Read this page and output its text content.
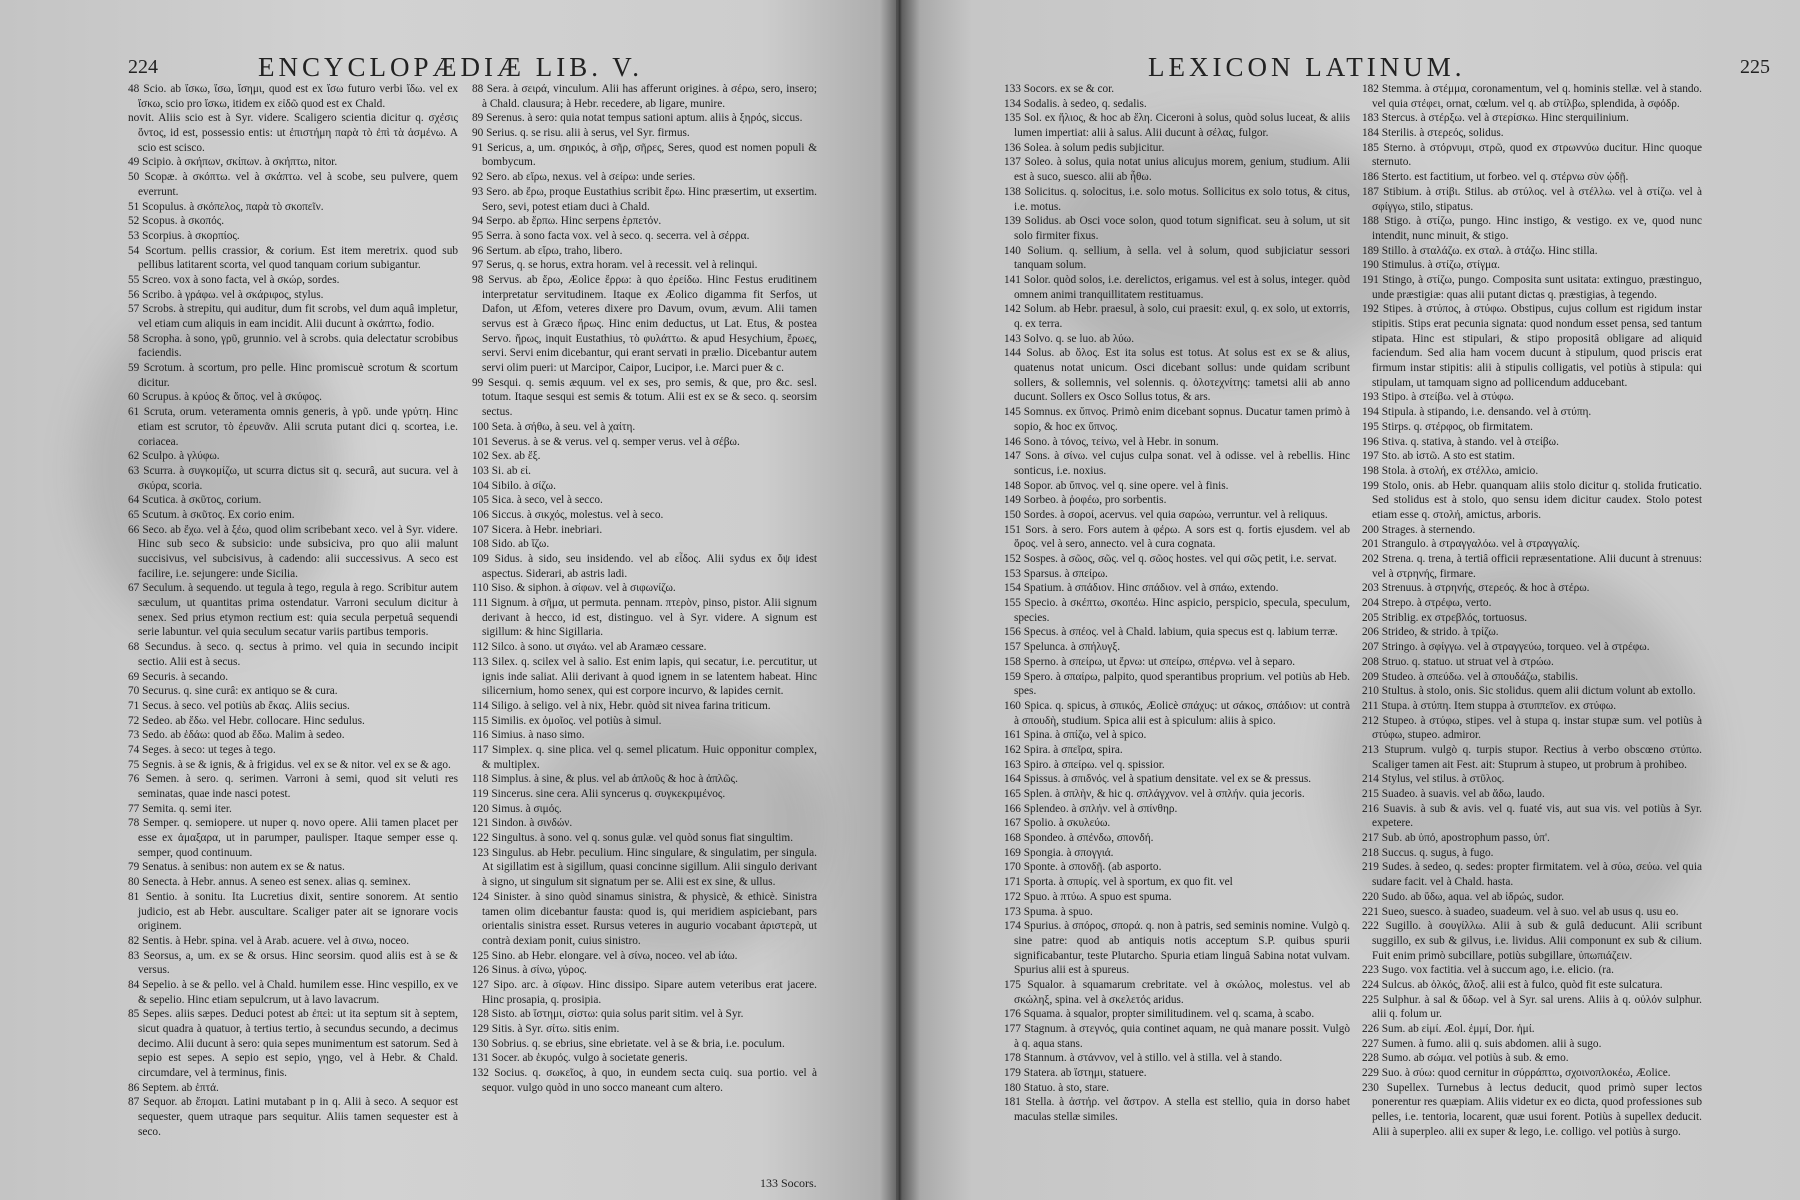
224	ENCYCLOPÆDIÆ LIB. V.

48 Scio. ab ἴσκω, ἴσω, ἴσημι, quod est ex ἴσω futuro verbi ἴδω. vel ex ἴσκω, scio pro ἴσκω, itidem ex εἰδῶ quod est ex Chald.

novit. Aliis scio est à Syr. videre. Scaligero scientia dicitur q. σχέσις ὄντος, id est, possessio entis: ut ἐπιστήμη παρὰ τὸ ἐπὶ τὰ ἀσμένω. A scio est scisco.

49 Scipio. à σκήπων, σκίπων. à σκήπτω, nitor.

50 Scopæ. à σκόπτω. vel à σκάπτω. vel à scobe, seu pulvere, quem everrunt.

51 Scopulus. à σκόπελος, παρὰ τὸ σκοπεῖν.

52 Scopus. à σκοπός.

53 Scorpius. à σκορπίος.

54 Scortum. pellis crassior, & corium. Est item meretrix. quod sub pellibus latitarent scorta, vel quod tanquam corium subigantur.

55 Screo. vox à sono facta, vel à σκώρ, sordes.

56 Scribo. à γράφω. vel à σκάριφος, stylus.

57 Scrobs. à strepitu, qui auditur, dum fit scrobs, vel dum aquâ impletur, vel etiam cum aliquis in eam incidit. Alii ducunt à σκάπτω, fodio.

58 Scropha. à sono, γρῦ, grunnio. vel à scrobs. quia delectatur scrobibus faciendis.

59 Scrotum. à scortum, pro pelle. Hinc promiscuè scrotum & scortum dicitur.

60 Scrupus. à κρύος & ὄπος. vel à σκύφος.

61 Scruta, orum. veteramenta omnis generis, à γρῦ. unde γρύτη. Hinc etiam est scrutor, τὸ ἐρευνᾶν. Alii scruta putant dici q. scortea, i.e. coriacea.

62 Sculpo. à γλύφω.

63 Scurra. à συγκομίζω, ut scurra dictus sit q. securâ, aut sucura. vel à σκύρα, scoria.

64 Scutica. à σκῦτος, corium.

65 Scutum. à σκῦτος. Ex corio enim.

66 Seco. ab ἔχω. vel à ξέω, quod olim scribebant xeco. vel à Syr. videre. Hinc sub seco & subsicio: unde subsiciva, pro quo alii malunt succisivus, vel subcisivus, à cadendo: alii successivus. A seco est facilire, i.e. sejungere: unde Sicilia.

67 Seculum. à sequendo. ut tegula à tego, regula à rego. Scribitur autem sæculum, ut quantitas prima ostendatur. Varroni seculum dicitur à senex. Sed prius etymon rectium est: quia secula perpetuâ sequendi serie labuntur. vel quia seculum secatur variis partibus temporis.

68 Secundus. à seco. q. sectus à primo. vel quia in secundo incipit sectio. Alii est à secus.

69 Securis. à secando.

70 Securus. q. sine curâ: ex antiquo se & cura.

71 Secus. à seco. vel potiùs ab ἔκας. Aliis secius.

72 Sedeo. ab ἕδω. vel Hebr. collocare. Hinc sedulus.

73 Sedo. ab ἑδάω: quod ab ἕδω. Malim à sedeo.

74 Seges. à seco: ut teges à tego.

75 Segnis. à se & ignis, & à frigidus. vel ex se & nitor. vel ex se & ago.

76 Semen. à sero. q. serimen. Varroni à semi, quod sit veluti res seminatas, quae inde nasci potest.

77 Semita. q. semi iter.

78 Semper. q. semiopere. ut nuper q. novo opere. Alii tamen placet per esse ex ἀμαξαρα, ut in parumper, paulisper. Itaque semper esse q. semper, quod continuum.

79 Senatus. à senibus: non autem ex se & natus.

80 Senecta. à Hebr. annus. A seneo est senex. alias q. seminex.

81 Sentio. à sonitu. Ita Lucretius dixit, sentire sonorem. At sentio judicio, est ab Hebr. auscultare. Scaliger pater ait se ignorare vocis originem.

82 Sentis. à Hebr. spina. vel à Arab. acuere. vel à σινω, noceo.

83 Seorsus, a, um. ex se & orsus. Hinc seorsim. quod aliis est à se & versus.

84 Sepelio. à se & pello. vel à Chald. humilem esse. Hinc vespillo, ex ve & sepelio. Hinc etiam sepulcrum, ut à lavo lavacrum.

85 Sepes. aliis sæpes. Deduci potest ab ἐπεὶ: ut ita septum sit à septem, sicut quadra à quatuor, à tertius tertio, à secundus secundo, a decimus decimo. Alii ducunt à sero: quia sepes munimentum est satorum. Sed à sepio est sepes. A sepio est sepio, γηgo, vel à Hebr. & Chald. circumdare, vel à terminus, finis.

86 Septem. ab ἑπτά.

87 Sequor. ab ἕπομαι. Latini mutabant p in q. Alii à seco. A sequor est sequester, quem utraque pars sequitur. Aliis tamen sequester est à seco.

88 Sera. à σειρά, vinculum. Alii has afferunt origines. à σέρω, sero, insero; à Chald. clausura; à Hebr. recedere, ab ligare, munire.

89 Serenus. à sero: quia notat tempus sationi aptum. aliis à ξηρός, siccus.

90 Serius. q. se risu. alii à serus, vel Syr. firmus.

91 Sericus, a, um. σηρικός, à σῆρ, σῆρες, Seres, quod est nomen populi & bombycum.

92 Sero. ab εἴρω, nexus. vel à σείρω: unde series.

93 Sero. ab ἔρω, proque Eustathius scribit ἔρω. Hinc præsertim, ut exsertim. Sero, sevi, potest etiam duci à Chald.

94 Serpo. ab ἕρπω. Hinc serpens ἑρπετόν.

95 Serra. à sono facta vox. vel à seco. q. secerra. vel à σέρρα.

96 Sertum. ab εἴρω, traho, libero.

97 Serus, q. se horus, extra horam. vel à recessit. vel à relinqui.

98 Servus. ab ἔρω, Æolice ἔρρω: à quo ἐρείδω. Hinc Festus eruditinem interpretatur servitudinem. Itaque ex Æolico digamma fit Serfos, ut Dafon, ut Æfom, veteres dixere pro Davum, ovum, ævum. Alii tamen servus est à Græco ἥρως. Hinc enim deductus, ut Lat. Etus, & postea Servo. ἥρως, inquit Eustathius, τὸ φυλάττω. & apud Hesychium, ἔρωες, servi. Servi enim dicebantur, qui erant servati in prælio. Dicebantur autem servi olim pueri: ut Marcipor, Caipor, Lucipor, i.e. Marci puer & c.

99 Sesqui. q. semis æquum. vel ex ses, pro semis, & que, pro &c. sesl. totum. Itaque sesqui est semis & totum. Alii est ex se & seco. q. seorsim sectus.

100 Seta. à σήθω, à seu. vel à χαίτη.

101 Severus. à se & verus. vel q. semper verus. vel à σέβω.

102 Sex. ab ἕξ.

103 Si. ab εἰ.

104 Sibilo. à σίζω.

105 Sica. à seco, vel à secco.

106 Siccus. à σικχός, molestus. vel à seco.

107 Sicera. à Hebr. inebriari.

108 Sido. ab ἵζω.

109 Sidus. à sido, seu insidendo. vel ab εἶδος. Alii sydus ex ὄψ idest aspectus. Siderari, ab astris ladi.

110 Siso. & siphon. à σίφων. vel à σιφωνίζω.

111 Signum. à σῆμα, ut permuta. pennam. πτερὸν, pinso, pistor. Alii signum derivant à hecco, id est, distinguo. vel à Syr. videre. A signum est sigillum: & hinc Sigillaria.

112 Silco. à sono. ut σιγάω. vel ab Aramæo cessare.

113 Silex. q. scilex vel à salio. Est enim lapis, qui secatur, i.e. percutitur, ut ignis inde saliat. Alii derivant à quod ignem in se latentem habeat. Hinc silicernium, homo senex, qui est corpore incurvo, & lapides cernit.

114 Siligo. à seligo. vel à nix, Hebr. quòd sit nivea farina triticum.

115 Similis. ex ὁμοῖος. vel potiùs à simul.

116 Simius. à naso simo.

117 Simplex. q. sine plica. vel q. semel plicatum. Huic opponitur complex, & multiplex.

118 Simplus. à sine, & plus. vel ab ἁπλοῦς & hoc à ἁπλῶς.

119 Sincerus. sine cera. Alii syncerus q. συγκεκριμένος.

120 Simus. à σιμός.

121 Sindon. à σινδών.

122 Singultus. à sono. vel q. sonus gulæ. vel quòd sonus fiat singultim.

123 Singulus. ab Hebr. peculium. Hinc singulare, & singulatim, per singula. At sigillatim est à sigillum, quasi concinne sigillum. Alii singulo derivant à signo, ut singulum sit signatum per se. Alii est ex sine, & ullus.

124 Sinister. à sino quòd sinamus sinistra, & physicè, & ethicè. Sinistra tamen olim dicebantur fausta: quod is, qui meridiem aspiciebant, pars orientalis sinistra esset. Rursus veteres in augurio vocabant ἀριστερὰ, ut contrà dexiam ponit, cuius sinistro.

125 Sino. ab Hebr. elongare. vel à σίνω, noceo. vel ab ἰάω.

126 Sinus. à σίνω, γύρος.

127 Sipo. arc. à σίφων. Hinc dissipo. Sipare autem veteribus erat jacere. Hinc prosapia, q. prosipia.

128 Sisto. ab ἵστημι, σίστω: quia solus parit sitim. vel à Syr.

129 Sitis. à Syr. σίτω. sitis enim.

130 Sobrius. q. se ebrius, sine ebrietate. vel à se & bria, i.e. poculum.

131 Socer. ab ἑκυρός. vulgo à societate generis.

132 Socius. q. σωκεῖος, à quo, in eundem secta cuiq. sua portio. vel à sequor. vulgo quòd in uno socco maneant cum altero.

133 Socors.
LEXICON LATINUM.	225

133 Socors. ex se & cor.

134 Sodalis. à sedeo, q. sedalis.

135 Sol. ex ἥλιος, & hoc ab ἕλη. Ciceroni à solus, quòd solus luceat, & aliis lumen impertiat: alii à salus. Alii ducunt à σέλας, fulgor.

136 Solea. à solum pedis subjicitur.

137 Soleo. à solus, quia notat unius alicujus morem, genium, studium. Alii est à suco, suesco. alii ab ἦθω.

138 Solicitus. q. solocitus, i.e. solo motus. Sollicitus ex solo totus, & citus, i.e. motus.

139 Solidus. ab Osci voce solon, quod totum significat. seu à solum, ut sit solo firmiter fixus.

140 Solium. q. sellium, à sella. vel à solum, quod subjiciatur sessori tanquam solum.

141 Solor. quòd solos, i.e. derelictos, erigamus. vel est à solus, integer. quòd omnem animi tranquillitatem restituamus.

142 Solum. ab Hebr. praesul, à solo, cui praesit: exul, q. ex solo, ut extorris, q. ex terra.

143 Solvo. q. se luo. ab λύω.

144 Solus. ab ὅλος. Est ita solus est totus. At solus est ex se & alius, quatenus notat unicum. Osci dicebant sollus: unde quidam scribunt sollers, & sollemnis, vel solennis. q. ὁλοτεχνίτης: tametsi alii ab anno ducunt. Sollers ex Osco Sollus totus, & ars.

145 Somnus. ex ὕπνος. Primò enim dicebant sopnus. Ducatur tamen primò à sopio, & hoc ex ὕπνος.

146 Sono. à τόνος, τείνω, vel à Hebr. in sonum.

147 Sons. à σίνω. vel cujus culpa sonat. vel à odisse. vel à rebellis. Hinc sonticus, i.e. noxius.

148 Sopor. ab ὕπνος. vel q. sine opere. vel à finis.

149 Sorbeo. à ῥοφέω, pro sorbentis.

150 Sordes. à σοροί, acervus. vel quia σαρώω, verruntur. vel à reliquus.

151 Sors. à sero. Fors autem à φέρω. A sors est q. fortis ejusdem. vel ab ὅρος. vel à sero, annecto. vel à cura cognata.

152 Sospes. à σῶος, σῶς. vel q. σῶος hostes. vel qui σῶς petit, i.e. servat.

153 Sparsus. à σπείρω.

154 Spatium. à σπάδιον. Hinc σπάδιον. vel à σπάω, extendo.

155 Specio. à σκέπτω, σκοπέω. Hinc aspicio, perspicio, specula, speculum, species.

156 Specus. à σπέος. vel à Chald. labium, quia specus est q. labium terræ.

157 Spelunca. à σπήλυγξ.

158 Sperno. à σπείρω, ut ἔρνω: ut σπείρω, σπέρνω. vel à separo.

159 Spero. à σπαίρω, palpito, quod sperantibus proprium. vel potiùs ab Heb. spes.

160 Spica. q. spicus, à σπικός, Æolicè σπάχυς: ut σάκος, σπάδιον: ut contrà à σπουδὴ, studium. Spica alii est à spiculum: aliis à spico.

161 Spina. à σπίζω, vel à spico.

162 Spira. à σπεῖρα, spira.

163 Spiro. à σπείρω. vel q. spissior.

164 Spissus. à σπιδνός. vel à spatium densitate. vel ex se & pressus.

165 Splen. à σπλὴν, & hic q. σπλάγχνον. vel à σπλήν. quia jecoris.

166 Splendeo. à σπλήν. vel à σπίνθηρ.

167 Spolio. à σκυλεύω.

168 Spondeo. à σπένδω, σπονδή.

169 Spongia. à σπογγιά.

170 Sponte. à σπονδῇ. (ab asporto.

171 Sporta. à σπυρίς. vel à sportum, ex quo fit. vel

172 Spuo. à πτύω. A spuo est spuma.

173 Spuma. à spuo.

174 Spurius. à σπόρος, σπορά. q. non à patris, sed seminis nomine. Vulgò q. sine patre: quod ab antiquis notis acceptum S.P. quibus spurii significabantur, teste Plutarcho. Spuria etiam linguâ Sabina notat vulvam. Spurius alii est à spureus.

175 Squalor. à squamarum crebritate. vel à σκώλος, molestus. vel ab σκώληξ, spina. vel à σκελετός aridus.

176 Squama. à squalor, propter similitudinem. vel q. scama, à scabo.

177 Stagnum. à στεγνός, quia continet aquam, ne quà manare possit. Vulgò à q. aqua stans.

178 Stannum. à στάννον, vel à stillo. vel à stilla. vel à stando.

179 Statera. ab ἵστημι, statuere.

180 Statuo. à sto, stare.

181 Stella. à ἀστήρ. vel ἄστρον. A stella est stellio, quia in dorso habet maculas stellæ similes.

182 Stemma. à στέμμα, coronamentum, vel q. hominis stellæ. vel à stando. vel quia στέφει, ornat, cœlum. vel q. ab στίλβω, splendida, à σφόδρ.

183 Stercus. à στέρξω. vel à στερίσκω. Hinc sterquilinium.

184 Sterilis. à στερεός, solidus.

185 Sterno. à στόρνυμι, στρῶ, quod ex στρωννύω ducitur. Hinc quoque sternuto.

186 Sterto. est factitium, ut forbeo. vel q. στέρνω σὺν ᾠδῇ.

187 Stibium. à στίβι. Stilus. ab στύλος. vel à στέλλω. vel à στίζω. vel à σφίγγω, stilo, stipatus.

188 Stigo. à στίζω, pungo. Hinc instigo, & vestigo. ex ve, quod nunc intendit, nunc minuit, & stigo.

189 Stillo. à σταλάζω. ex σταλ. à στάζω. Hinc stilla.

190 Stimulus. à στίζω, στίγμα.

191 Stingo, à στίζω, pungo. Composita sunt usitata: extinguo, præstinguo, unde præstigiæ: quas alii putant dictas q. præstigias, à tegendo.

192 Stipes. à στύπος, à στύφω. Obstipus, cujus collum est rigidum instar stipitis. Stips erat pecunia signata: quod nondum esset pensa, sed tantum stipata. Hinc est stipulari, & stipo propositâ obligare ad aliquid faciendum. Sed alia ham vocem ducunt à stipulum, quod priscis erat firmum instar stipitis: alii à stipulis colligatis, vel potiùs à stipula: qui stipulam, ut tamquam signo ad pollicendum adducebant.

193 Stipo. à στείβω. vel à στύφω.

194 Stipula. à stipando, i.e. densando. vel à στύπη.

195 Stirps. q. στέρφος, ob firmitatem.

196 Stiva. q. stativa, à stando. vel à στείβω.

197 Sto. ab ἱστῶ. A sto est statim.

198 Stola. à στολή, ex στέλλω, amicio.

199 Stolo, onis. ab Hebr. quanquam aliis stolo dicitur q. stolida fruticatio. Sed stolidus est à stolo, quo sensu idem dicitur caudex. Stolo potest etiam esse q. στολή, amictus, arboris.

200 Strages. à sternendo.

201 Strangulo. à στραγγαλόω. vel à στραγγαλίς.

202 Strena. q. trena, à tertiâ officii repræsentatione. Alii ducunt à strenuus: vel à στρηνής, firmare.

203 Strenuus. à στρηνής, στερεός. & hoc à στέρω.

204 Strepo. à στρέφω, verto.

205 Striblig. ex στρεβλός, tortuosus.

206 Strideo, & strido. à τρίζω.

207 Stringo. à σφίγγω. vel à στραγγεύω, torqueo. vel à στρέφω.

208 Struo. q. statuo. ut struat vel à στρώω.

209 Studeo. à σπεύδω. vel à σπουδάζω, stabilis.

210 Stultus. à stolo, onis. Sic stolidus. quem alii dictum volunt ab extollo.

211 Stupa. à στύπη. Item stuppa à στυππεῖον. ex στύφω.

212 Stupeo. à στύφω, stipes. vel à stupa q. instar stupæ sum. vel potiùs à στύφω, stupeo. admiror.

213 Stuprum. vulgò q. turpis stupor. Rectius à verbo obscœno στύπω. Scaliger tamen ait Fest. ait: Stuprum à stupeo, ut probrum à prohibeo.

214 Stylus, vel stilus. à στῦλος.

215 Suadeo. à suavis. vel ab ἅδω, laudo.

216 Suavis. à sub & avis. vel q. fuaté vis, aut sua vis. vel potiùs à Syr. expetere.

217 Sub. ab ὑπό, apostrophum passo, ὑπ'.

218 Succus. q. sugus, à fugo.

219 Sudes. à sedeo, q. sedes: propter firmitatem. vel à σύω, σεύω. vel quia sudare facit. vel à Chald. hasta.

220 Sudo. ab ὕδω, aqua. vel ab ἱδρώς, sudor.

221 Sueo, suesco. à suadeo, suadeum. vel à suo. vel ab usus q. usu eo.

222 Sugillo. à σουγίλλω. Alii à sub & gulâ deducunt. Alii scribunt suggillo, ex sub & gilvus, i.e. lividus. Alii componunt ex sub & cilium. Fuit enim primò subcillare, potiùs subgillare, ὑπωπιάζειν.

223 Sugo. vox factitia. vel à succum ago, i.e. elicio. (ra.

224 Sulcus. ab ὁλκός, ἄλοξ. alii est à fulco, quòd fit este sulcatura.

225 Sulphur. à sal & ὕδωρ. vel à Syr. sal urens. Aliis à q. οὐλόν sulphur. alii q. folum ur.

226 Sum. ab εἰμί. Æol. ἐμμί, Dor. ἠμί.

227 Sumen. à fumo. alii q. suis abdomen. alii à sugo.

228 Sumo. ab σώμα. vel potiùs à sub. & emo.

229 Suo. à σύω: quod cernitur in σύρράπτω, σχοινοπλοκέω, Æolice.

230 Supellex. Turnebus à lectus deducit, quod primò super lectos ponerentur res quæpiam. Aliis videtur ex eo dicta, quod professiones sub pelles, i.e. tentoria, locarent, quæ usui forent. Potiùs à supellex deducit. Alii à superpleo. alii ex super & lego, i.e. colligo. vel potiùs à surgo.
